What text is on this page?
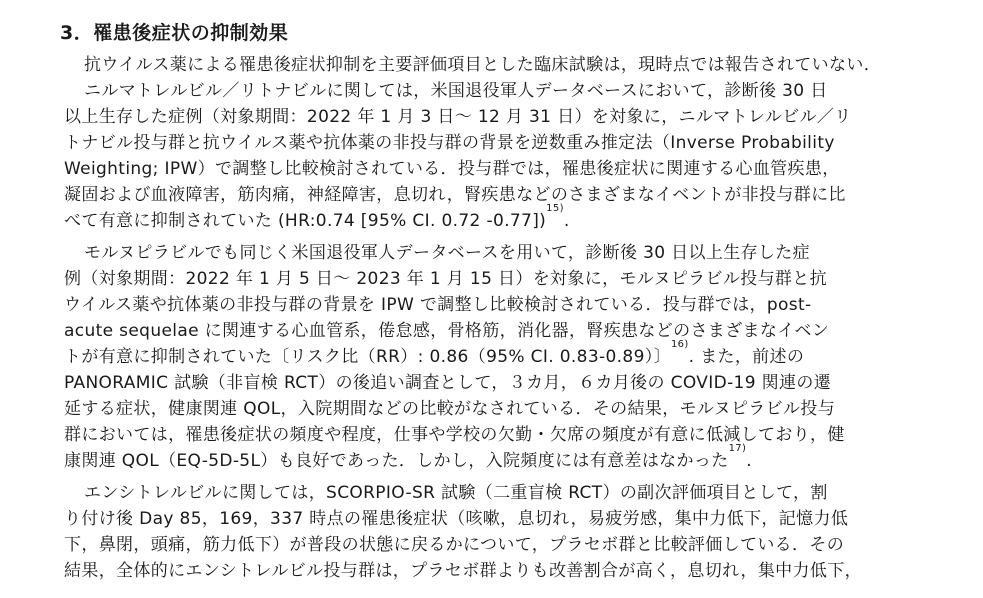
3．罹患後症状の抑制効果
抗ウイルス薬による罹患後症状抑制を主要評価項目とした臨床試験は，現時点では報告されていない．
ニルマトレルビル／リトナビルに関しては，米国退役軍人データベースにおいて，診断後 30 日
以上生存した症例（対象期間：2022 年 1 月 3 日〜 12 月 31 日）を対象に，ニルマトレルビル／リ
トナビル投与群と抗ウイルス薬や抗体薬の非投与群の背景を逆数重み推定法（Inverse Probability
Weighting; IPW）で調整し比較検討されている．投与群では，罹患後症状に関連する心血管疾患，
凝固および血液障害，筋肉痛，神経障害，息切れ，腎疾患などのさまざまなイベントが非投与群に比
べて有意に抑制されていた (HR:0.74 [95% CI. 0.72 -0.77])$^{15)}$.
モルヌピラビルでも同じく米国退役軍人データベースを用いて，診断後 30 日以上生存した症
例（対象期間：2022 年 1 月 5 日〜 2023 年 1 月 15 日）を対象に，モルヌピラビル投与群と抗
ウイルス薬や抗体薬の非投与群の背景を IPW で調整し比較検討されている．投与群では，post-
acute sequelae に関連する心血管系，倦怠感，骨格筋，消化器，腎疾患などのさまざまなイベン
トが有意に抑制されていた〔リスク比（RR）: 0.86（95% CI. 0.83-0.89）〕$^{16)}$. また，前述の
PANORAMIC 試験（非盲検 RCT）の後追い調査として，３カ月，６カ月後の COVID-19 関連の遷
延する症状，健康関連 QOL，入院期間などの比較がなされている．その結果，モルヌピラビル投与
群においては，罹患後症状の頻度や程度，仕事や学校の欠勤・欠席の頻度が有意に低減しており，健
康関連 QOL（EQ-5D-5L）も良好であった．しかし，入院頻度には有意差はなかった$^{17)}$.
エンシトレルビルに関しては，SCORPIO-SR 試験（二重盲検 RCT）の副次評価項目として，割
り付け後 Day 85，169，337 時点の罹患後症状（咳嗽，息切れ，易疲労感，集中力低下，記憶力低
下，鼻閉，頭痛，筋力低下）が普段の状態に戻るかについて，プラセボ群と比較評価している．その
結果，全体的にエンシトレルビル投与群は，プラセボ群よりも改善割合が高く，息切れ，集中力低下，
